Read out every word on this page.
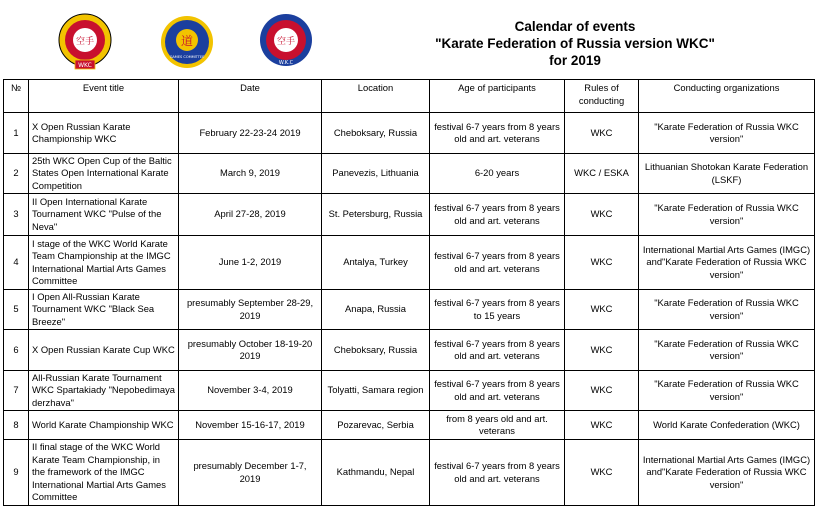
空手
WKC
道
GAMES COMMITTEE
空手
W.K.C
Calendar of events
"Karate Federation of Russia version WKC"
for 2019
№	Event title	Date	Location	Age of participants	Rules of conducting	Conducting organizations
1	X Open Russian Karate Championship WKC	February 22-23-24 2019	Cheboksary, Russia	festival 6-7 years from 8 years old and art. veterans	WKC	"Karate Federation of Russia WKC version"
2	25th WKC Open Cup of the Baltic States Open International Karate Competition	March 9, 2019	Panevezis, Lithuania	6-20 years	WKC / ESKA	Lithuanian Shotokan Karate Federation (LSKF)
3	II Open International Karate Tournament WKC "Pulse of the Neva"	April 27-28, 2019	St. Petersburg, Russia	festival 6-7 years from 8 years old and art. veterans	WKC	"Karate Federation of Russia WKC version"
4	I stage of the WKC World Karate Team Championship at the IMGC International Martial Arts Games Committee	June 1-2, 2019	Antalya, Turkey	festival 6-7 years from 8 years old and art. veterans	WKC	International Martial Arts Games (IMGC) and"Karate Federation of Russia WKC version"
5	I Open All-Russian Karate Tournament WKC "Black Sea Breeze"	presumably September 28-29, 2019	Anapa, Russia	festival 6-7 years from 8 years to 15 years	WKC	"Karate Federation of Russia WKC version"
6	X Open Russian Karate Cup WKC	presumably October 18-19-20 2019	Cheboksary, Russia	festival 6-7 years from 8 years old and art. veterans	WKC	"Karate Federation of Russia WKC version"
7	All-Russian Karate Tournament WKC Spartakiady "Nepobedimaya derzhava"	November 3-4, 2019	Tolyatti, Samara region	festival 6-7 years from 8 years old and art. veterans	WKC	"Karate Federation of Russia WKC version"
8	World Karate Championship WKC	November 15-16-17, 2019	Pozarevac, Serbia	from 8 years old and art. veterans	WKC	World Karate Confederation (WKC)
9	II final stage of the WKC World Karate Team Championship, in the framework of the IMGC International Martial Arts Games Committee	presumably December 1-7, 2019	Kathmandu, Nepal	festival 6-7 years from 8 years old and art. veterans	WKC	International Martial Arts Games (IMGC) and"Karate Federation of Russia WKC version"
